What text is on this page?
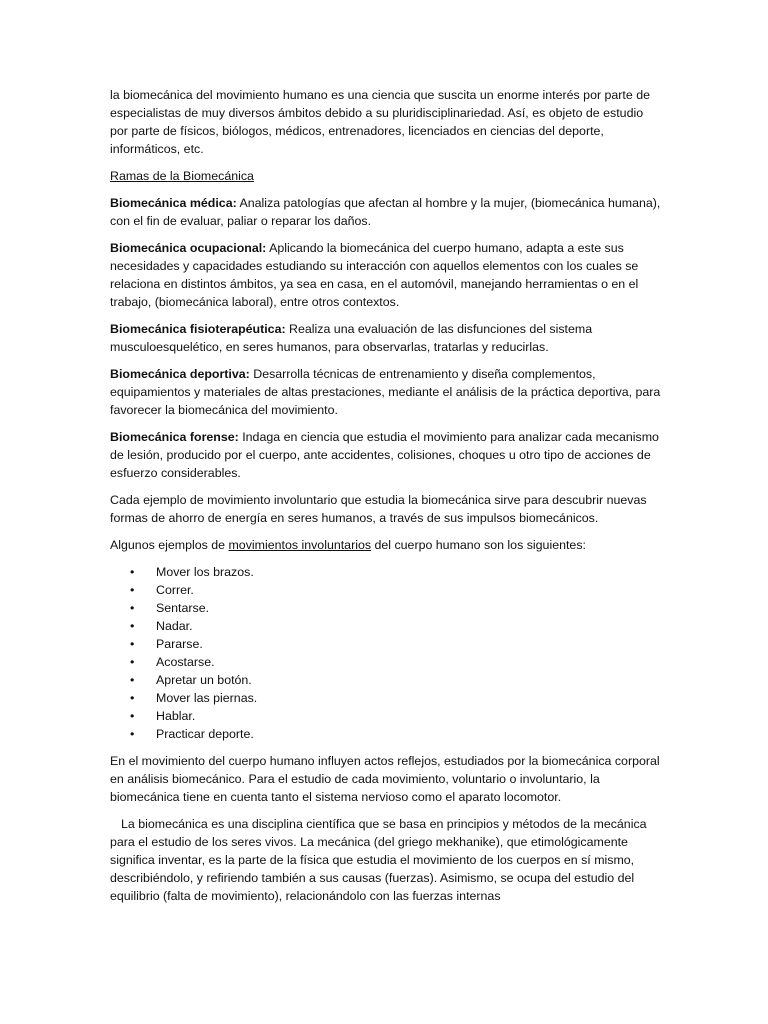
la biomecánica del movimiento humano es una ciencia que suscita un enorme interés por parte de especialistas de muy diversos ámbitos debido a su pluridisciplinariedad. Así, es objeto de estudio por parte de físicos, biólogos, médicos, entrenadores, licenciados en ciencias del deporte, informáticos, etc.

Ramas de la Biomecánica

Biomecánica médica: Analiza patologías que afectan al hombre y la mujer, (biomecánica humana), con el fin de evaluar, paliar o reparar los daños.

Biomecánica ocupacional: Aplicando la biomecánica del cuerpo humano, adapta a este sus necesidades y capacidades estudiando su interacción con aquellos elementos con los cuales se relaciona en distintos ámbitos, ya sea en casa, en el automóvil, manejando herramientas o en el trabajo, (biomecánica laboral), entre otros contextos.

Biomecánica fisioterapéutica: Realiza una evaluación de las disfunciones del sistema musculoesquelético, en seres humanos, para observarlas, tratarlas y reducirlas.

Biomecánica deportiva: Desarrolla técnicas de entrenamiento y diseña complementos, equipamientos y materiales de altas prestaciones, mediante el análisis de la práctica deportiva, para favorecer la biomecánica del movimiento.

Biomecánica forense: Indaga en ciencia que estudia el movimiento para analizar cada mecanismo de lesión, producido por el cuerpo, ante accidentes, colisiones, choques u otro tipo de acciones de esfuerzo considerables.

Cada ejemplo de movimiento involuntario que estudia la biomecánica sirve para descubrir nuevas formas de ahorro de energía en seres humanos, a través de sus impulsos biomecánicos.

Algunos ejemplos de movimientos involuntarios del cuerpo humano son los siguientes:

• Mover los brazos.
• Correr.
• Sentarse.
• Nadar.
• Pararse.
• Acostarse.
• Apretar un botón.
• Mover las piernas.
• Hablar.
• Practicar deporte.

En el movimiento del cuerpo humano influyen actos reflejos, estudiados por la biomecánica corporal en análisis biomecánico. Para el estudio de cada movimiento, voluntario o involuntario, la biomecánica tiene en cuenta tanto el sistema nervioso como el aparato locomotor.

La biomecánica es una disciplina científica que se basa en principios y métodos de la mecánica para el estudio de los seres vivos. La mecánica (del griego mekhanike), que etimológicamente significa inventar, es la parte de la física que estudia el movimiento de los cuerpos en sí mismo, describiéndolo, y refiriendo también a sus causas (fuerzas). Asimismo, se ocupa del estudio del equilibrio (falta de movimiento), relacionándolo con las fuerzas internas
